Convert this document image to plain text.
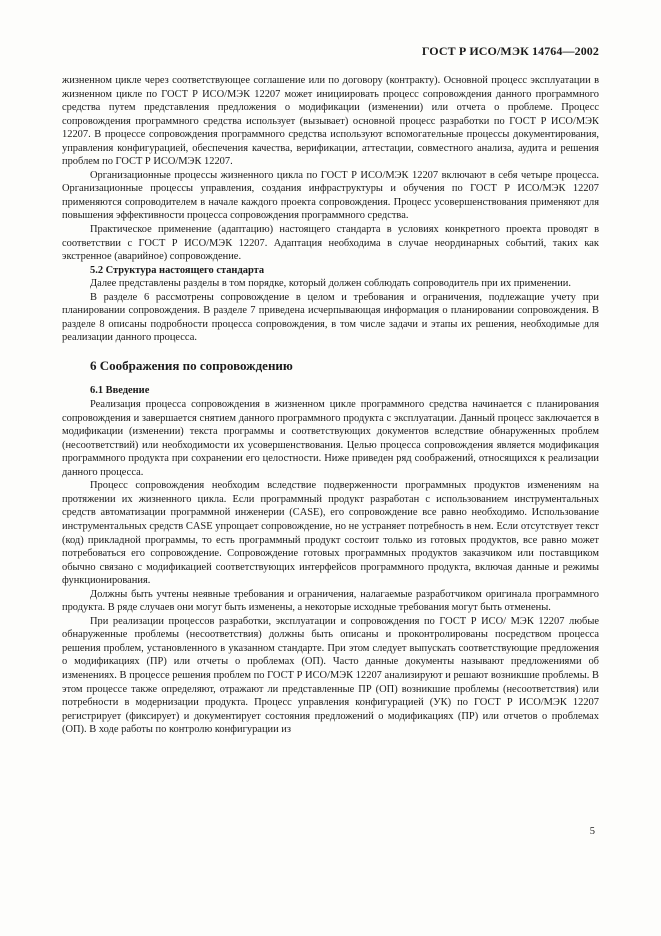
ГОСТ Р ИСО/МЭК 14764—2002

жизненном цикле через соответствующее соглашение или по договору (контракту). Основной процесс эксплуатации в жизненном цикле по ГОСТ Р ИСО/МЭК 12207 может инициировать процесс сопровождения данного программного средства путем представления предложения о модификации (изменении) или отчета о проблеме. Процесс сопровождения программного средства использует (вызывает) основной процесс разработки по ГОСТ Р ИСО/МЭК 12207. В процессе сопровождения программного средства используют вспомогательные процессы документирования, управления конфигурацией, обеспечения качества, верификации, аттестации, совместного анализа, аудита и решения проблем по ГОСТ Р ИСО/МЭК 12207.

Организационные процессы жизненного цикла по ГОСТ Р ИСО/МЭК 12207 включают в себя четыре процесса. Организационные процессы управления, создания инфраструктуры и обучения по ГОСТ Р ИСО/МЭК 12207 применяются сопроводителем в начале каждого проекта сопровождения. Процесс усовершенствования применяют для повышения эффективности процесса сопровождения программного средства.

Практическое применение (адаптацию) настоящего стандарта в условиях конкретного проекта проводят в соответствии с ГОСТ Р ИСО/МЭК 12207. Адаптация необходима в случае неординарных событий, таких как экстренное (аварийное) сопровождение.

5.2 Структура настоящего стандарта

Далее представлены разделы в том порядке, который должен соблюдать сопроводитель при их применении.

В разделе 6 рассмотрены сопровождение в целом и требования и ограничения, подлежащие учету при планировании сопровождения. В разделе 7 приведена исчерпывающая информация о планировании сопровождения. В разделе 8 описаны подробности процесса сопровождения, в том числе задачи и этапы их решения, необходимые для реализации данного процесса.

6 Соображения по сопровождению

6.1 Введение

Реализация процесса сопровождения в жизненном цикле программного средства начинается с планирования сопровождения и завершается снятием данного программного продукта с эксплуатации. Данный процесс заключается в модификации (изменении) текста программы и соответствующих документов вследствие обнаруженных проблем (несоответствий) или необходимости их усовершенствования. Целью процесса сопровождения является модификация программного продукта при сохранении его целостности. Ниже приведен ряд соображений, относящихся к реализации данного процесса.

Процесс сопровождения необходим вследствие подверженности программных продуктов изменениям на протяжении их жизненного цикла. Если программный продукт разработан с использованием инструментальных средств автоматизации программной инженерии (CASE), его сопровождение все равно необходимо. Использование инструментальных средств CASE упрощает сопровождение, но не устраняет потребность в нем. Если отсутствует текст (код) прикладной программы, то есть программный продукт состоит только из готовых продуктов, все равно может потребоваться его сопровождение. Сопровождение готовых программных продуктов заказчиком или поставщиком обычно связано с модификацией соответствующих интерфейсов программного продукта, включая данные и режимы функционирования.

Должны быть учтены неявные требования и ограничения, налагаемые разработчиком оригинала программного продукта. В ряде случаев они могут быть изменены, а некоторые исходные требования могут быть отменены.

При реализации процессов разработки, эксплуатации и сопровождения по ГОСТ Р ИСО/ МЭК 12207 любые обнаруженные проблемы (несоответствия) должны быть описаны и проконтролированы посредством процесса решения проблем, установленного в указанном стандарте. При этом следует выпускать соответствующие предложения о модификациях (ПР) или отчеты о проблемах (ОП). Часто данные документы называют предложениями об изменениях. В процессе решения проблем по ГОСТ Р ИСО/МЭК 12207 анализируют и решают возникшие проблемы. В этом процессе также определяют, отражают ли представленные ПР (ОП) возникшие проблемы (несоответствия) или потребности в модернизации продукта. Процесс управления конфигурацией (УК) по ГОСТ Р ИСО/МЭК 12207 регистрирует (фиксирует) и документирует состояния предложений о модификациях (ПР) или отчетов о проблемах (ОП). В ходе работы по контролю конфигурации из

5
